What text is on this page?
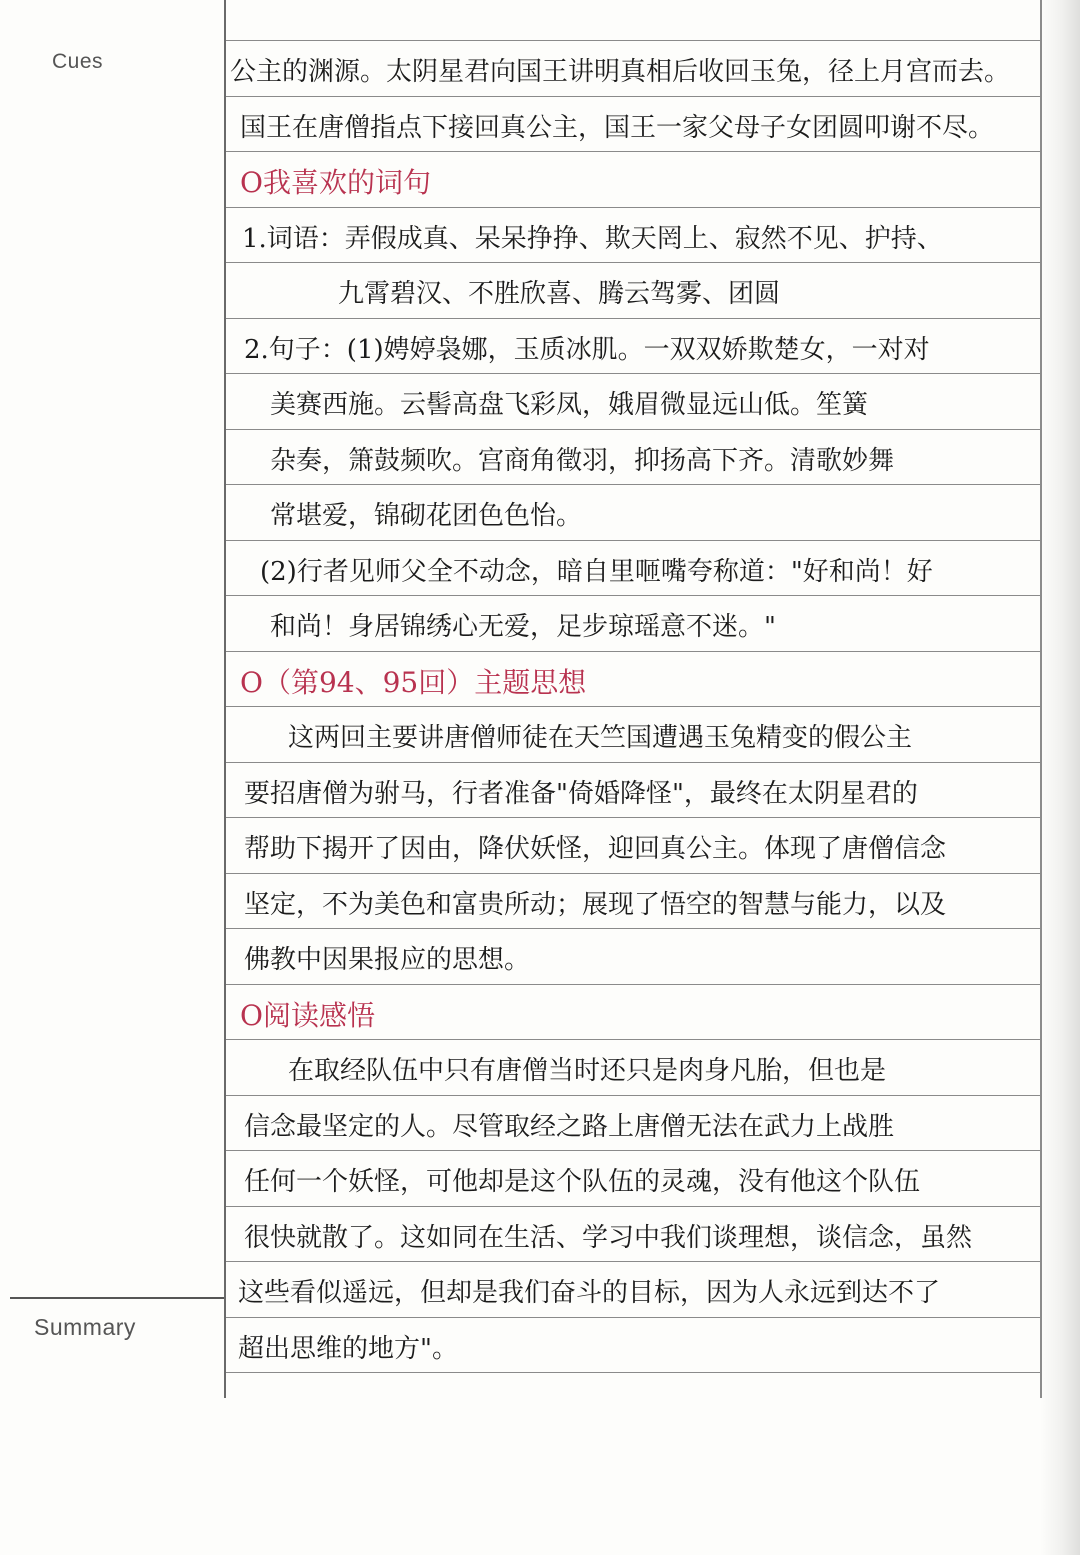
Cues
Summary
公主的渊源。太阴星君向国王讲明真相后收回玉兔，径上月宫而去。
国王在唐僧指点下接回真公主，国王一家父母子女团圆叩谢不尽。
O我喜欢的词句
1.词语：弄假成真、呆呆挣挣、欺天罔上、寂然不见、护持、
九霄碧汉、不胜欣喜、腾云驾雾、团圆
2.句子：(1)娉婷袅娜，玉质冰肌。一双双娇欺楚女，一对对
美赛西施。云髻高盘飞彩凤，娥眉微显远山低。笙簧
杂奏，箫鼓频吹。宫商角徵羽，抑扬高下齐。清歌妙舞
常堪爱，锦砌花团色色怡。
(2)行者见师父全不动念，暗自里咂嘴夸称道："好和尚！好
和尚！身居锦绣心无爱，足步琼瑶意不迷。"
O（第94、95回）主题思想
这两回主要讲唐僧师徒在天竺国遭遇玉兔精变的假公主
要招唐僧为驸马，行者准备"倚婚降怪"，最终在太阴星君的
帮助下揭开了因由，降伏妖怪，迎回真公主。体现了唐僧信念
坚定，不为美色和富贵所动；展现了悟空的智慧与能力，以及
佛教中因果报应的思想。
O阅读感悟
在取经队伍中只有唐僧当时还只是肉身凡胎，但也是
信念最坚定的人。尽管取经之路上唐僧无法在武力上战胜
任何一个妖怪，可他却是这个队伍的灵魂，没有他这个队伍
很快就散了。这如同在生活、学习中我们谈理想，谈信念，虽然
这些看似遥远，但却是我们奋斗的目标，因为人永远到达不了
超出思维的地方"。
